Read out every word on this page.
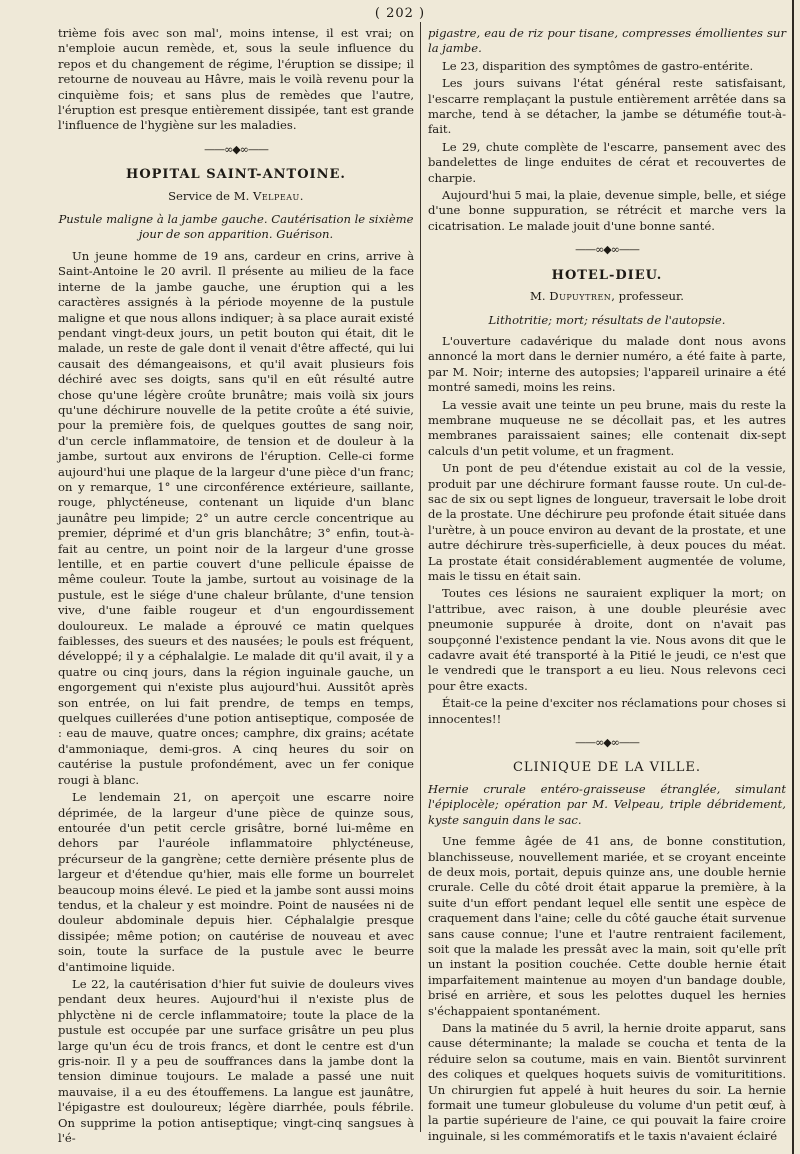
( 202 )

trième fois avec son mal', moins intense, il est vrai; on n'emploie aucun remède, et, sous la seule influence du repos et du changement de régime, l'éruption se dissipe; il retourne de nouveau au Hâvre, mais le voilà revenu pour la cinquième fois; et sans plus de remèdes que l'autre, l'éruption est presque entièrement dissipée, tant est grande l'influence de l'hygiène sur les maladies.

——∞◆∞——
HOPITAL SAINT-ANTOINE.
Service de M. Velpeau.
Pustule maligne à la jambe gauche. Cautérisation le sixième jour de son apparition. Guérison.

Un jeune homme de 19 ans, cardeur en crins, arrive à Saint-Antoine le 20 avril. Il présente au milieu de la face interne de la jambe gauche, une éruption qui a les caractères assignés à la période moyenne de la pustule maligne et que nous allons indiquer; à sa place aurait existé pendant vingt-deux jours, un petit bouton qui était, dit le malade, un reste de gale dont il venait d'être affecté, qui lui causait des démangeaisons, et qu'il avait plusieurs fois déchiré avec ses doigts, sans qu'il en eût résulté autre chose qu'une légère croûte brunâtre; mais voilà six jours qu'une déchirure nouvelle de la petite croûte a été suivie, pour la première fois, de quelques gouttes de sang noir, d'un cercle inflammatoire, de tension et de douleur à la jambe, surtout aux environs de l'éruption. Celle-ci forme aujourd'hui une plaque de la largeur d'une pièce d'un franc; on y remarque, 1° une circonférence extérieure, saillante, rouge, phlycténeuse, contenant un liquide d'un blanc jaunâtre peu limpide; 2° un autre cercle concentrique au premier, déprimé et d'un gris blanchâtre; 3° enfin, tout-à-fait au centre, un point noir de la largeur d'une grosse lentille, et en partie couvert d'une pellicule épaisse de même couleur. Toute la jambe, surtout au voisinage de la pustule, est le siége d'une chaleur brûlante, d'une tension vive, d'une faible rougeur et d'un engourdissement douloureux. Le malade a éprouvé ce matin quelques faiblesses, des sueurs et des nausées; le pouls est fréquent, développé; il y a céphalalgie. Le malade dit qu'il avait, il y a quatre ou cinq jours, dans la région inguinale gauche, un engorgement qui n'existe plus aujourd'hui. Aussitôt après son entrée, on lui fait prendre, de temps en temps, quelques cuillerées d'une potion antiseptique, composée de : eau de mauve, quatre onces; camphre, dix grains; acétate d'ammoniaque, demi-gros. A cinq heures du soir on cautérise la pustule profondément, avec un fer conique rougi à blanc.

Le lendemain 21, on aperçoit une escarre noire déprimée, de la largeur d'une pièce de quinze sous, entourée d'un petit cercle grisâtre, borné lui-même en dehors par l'auréole inflammatoire phlycténeuse, précurseur de la gangrène; cette dernière présente plus de largeur et d'étendue qu'hier, mais elle forme un bourrelet beaucoup moins élevé. Le pied et la jambe sont aussi moins tendus, et la chaleur y est moindre. Point de nausées ni de douleur abdominale depuis hier. Céphalalgie presque dissipée; même potion; on cautérise de nouveau et avec soin, toute la surface de la pustule avec le beurre d'antimoine liquide.

Le 22, la cautérisation d'hier fut suivie de douleurs vives pendant deux heures. Aujourd'hui il n'existe plus de phlyctène ni de cercle inflammatoire; toute la place de la pustule est occupée par une surface grisâtre un peu plus large qu'un écu de trois francs, et dont le centre est d'un gris-noir. Il y a peu de souffrances dans la jambe dont la tension diminue toujours. Le malade a passé une nuit mauvaise, il a eu des étouffemens. La langue est jaunâtre, l'épigastre est douloureux; légère diarrhée, pouls fébrile. On supprime la potion antiseptique; vingt-cinq sangsues à l'é-

pigastre, eau de riz pour tisane, compresses émollientes sur la jambe.

Le 23, disparition des symptômes de gastro-entérite.

Les jours suivans l'état général reste satisfaisant, l'escarre remplaçant la pustule entièrement arrêtée dans sa marche, tend à se détacher, la jambe se détuméfie tout-à-fait.

Le 29, chute complète de l'escarre, pansement avec des bandelettes de linge enduites de cérat et recouvertes de charpie.

Aujourd'hui 5 mai, la plaie, devenue simple, belle, et siége d'une bonne suppuration, se rétrécit et marche vers la cicatrisation. Le malade jouit d'une bonne santé.

——∞◆∞——
HOTEL-DIEU.
M. Dupuytren, professeur.
Lithotritie; mort; résultats de l'autopsie.

L'ouverture cadavérique du malade dont nous avons annoncé la mort dans le dernier numéro, a été faite à parte, par M. Noir; interne des autopsies; l'appareil urinaire a été montré samedi, moins les reins.

La vessie avait une teinte un peu brune, mais du reste la membrane muqueuse ne se décollait pas, et les autres membranes paraissaient saines; elle contenait dix-sept calculs d'un petit volume, et un fragment.

Un pont de peu d'étendue existait au col de la vessie, produit par une déchirure formant fausse route. Un cul-de-sac de six ou sept lignes de longueur, traversait le lobe droit de la prostate. Une déchirure peu profonde était située dans l'urètre, à un pouce environ au devant de la prostate, et une autre déchirure très-superficielle, à deux pouces du méat. La prostate était considérablement augmentée de volume, mais le tissu en était sain.

Toutes ces lésions ne sauraient expliquer la mort; on l'attribue, avec raison, à une double pleurésie avec pneumonie suppurée à droite, dont on n'avait pas soupçonné l'existence pendant la vie. Nous avons dit que le cadavre avait été transporté à la Pitié le jeudi, ce n'est que le vendredi que le transport a eu lieu. Nous relevons ceci pour être exacts.

Était-ce la peine d'exciter nos réclamations pour choses si innocentes!!

——∞◆∞——
CLINIQUE DE LA VILLE.
Hernie crurale entéro-graisseuse étranglée, simulant l'épiplocèle; opération par M. Velpeau, triple débridement, kyste sanguin dans le sac.

Une femme âgée de 41 ans, de bonne constitution, blanchisseuse, nouvellement mariée, et se croyant enceinte de deux mois, portait, depuis quinze ans, une double hernie crurale. Celle du côté droit était apparue la première, à la suite d'un effort pendant lequel elle sentit une espèce de craquement dans l'aine; celle du côté gauche était survenue sans cause connue; l'une et l'autre rentraient facilement, soit que la malade les pressât avec la main, soit qu'elle prît un instant la position couchée. Cette double hernie était imparfaitement maintenue au moyen d'un bandage double, brisé en arrière, et sous les pelottes duquel les hernies s'échappaient spontanément.

Dans la matinée du 5 avril, la hernie droite apparut, sans cause déterminante; la malade se coucha et tenta de la réduire selon sa coutume, mais en vain. Bientôt survinrent des coliques et quelques hoquets suivis de vomiturititions. Un chirurgien fut appelé à huit heures du soir. La hernie formait une tumeur globuleuse du volume d'un petit œuf, à la partie supérieure de l'aine, ce qui pouvait la faire croire inguinale, si les commémoratifs et le taxis n'avaient éclairé
